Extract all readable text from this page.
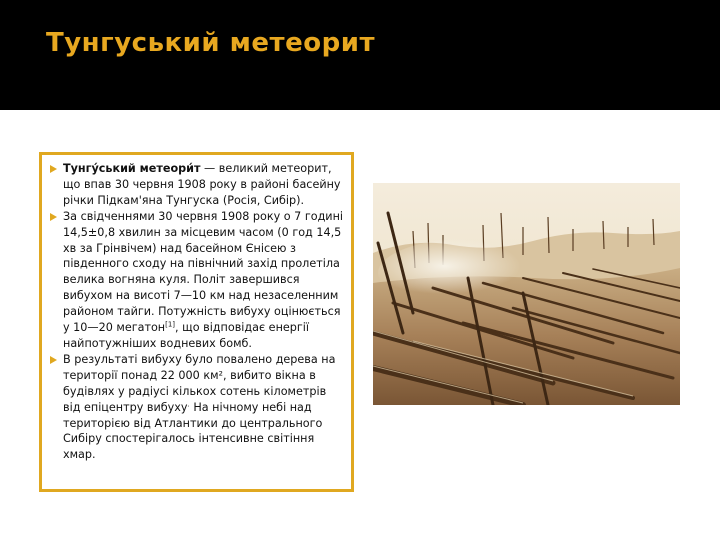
Тунгуський метеорит
Тунгу́ський метеори́т — великий метеорит, що впав 30 червня 1908 року в районі басейну річки Підкам'яна Тунгуска (Росія, Сибір).
За свідченнями 30 червня 1908 року о 7 годині 14,5±0,8 хвилин за місцевим часом (0 год 14,5 хв за Грінвічем) над басейном Єнісею з південного сходу на північний захід пролетіла велика вогняна куля. Політ завершився вибухом на висоті 7—10 км над незаселенним районом тайги. Потужність вибуху оцінюється у 10—20 мегатон[1], що відповідає енергії найпотужніших водневих бомб.
В результаті вибуху було повалено дерева на території понад 22 000 км², вибито вікна в будівлях у радіусі кількох сотень кілометрів від епіцентру вибуху. На нічному небі над територією від Атлантики до центрального Сибіру спостерігалось інтенсивне світіння хмар.
